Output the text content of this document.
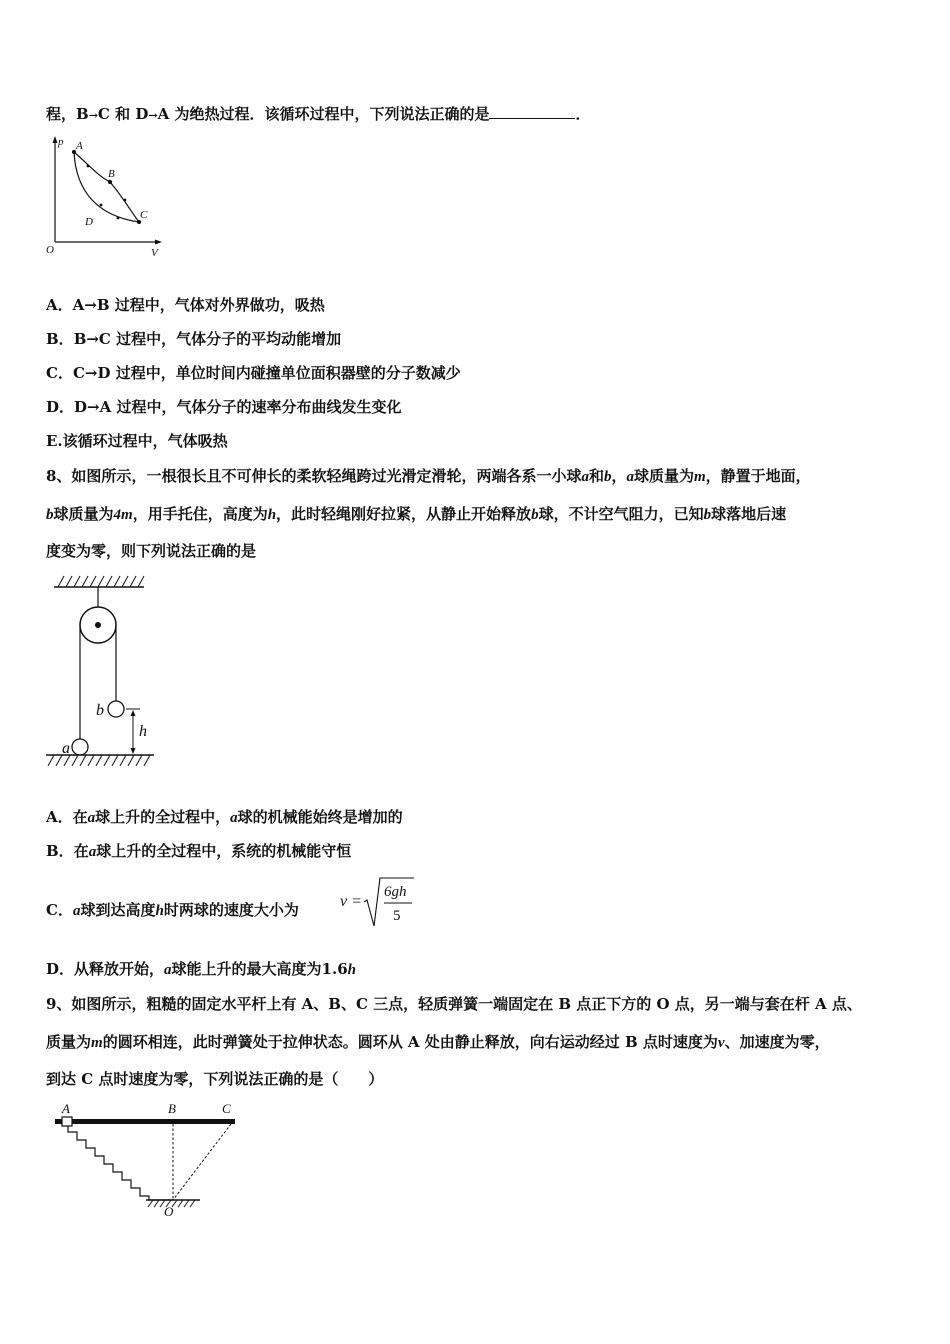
程，B→C 和 D→A 为绝热过程．该循环过程中，下列说法正确的是	．
p
V
O
A
B
C
D
A．A→B 过程中，气体对外界做功，吸热
B．B→C 过程中，气体分子的平均动能增加
C．C→D 过程中，单位时间内碰撞单位面积器壁的分子数减少
D．D→A 过程中，气体分子的速率分布曲线发生变化
E.该循环过程中，气体吸热
8、如图所示，一根很长且不可伸长的柔软轻绳跨过光滑定滑轮，两端各系一小球a和b，a球质量为m，静置于地面，
b球质量为4m，用手托住，高度为h，此时轻绳刚好拉紧，从静止开始释放b球，不计空气阻力，已知b球落地后速
度变为零，则下列说法正确的是
b
a
h
A．在a球上升的全过程中，a球的机械能始终是增加的
B．在a球上升的全过程中，系统的机械能守恒
C．a球到达高度h时两球的速度大小为	v =
6gh
5
D．从释放开始，a球能上升的最大高度为1.6h
9、如图所示，粗糙的固定水平杆上有 A、B、C 三点，轻质弹簧一端固定在 B 点正下方的 O 点，另一端与套在杆 A 点、
质量为m的圆环相连，此时弹簧处于拉伸状态。圆环从 A 处由静止释放，向右运动经过 B 点时速度为v、加速度为零，
到达 C 点时速度为零，下列说法正确的是（　　）
A	B	C
O
